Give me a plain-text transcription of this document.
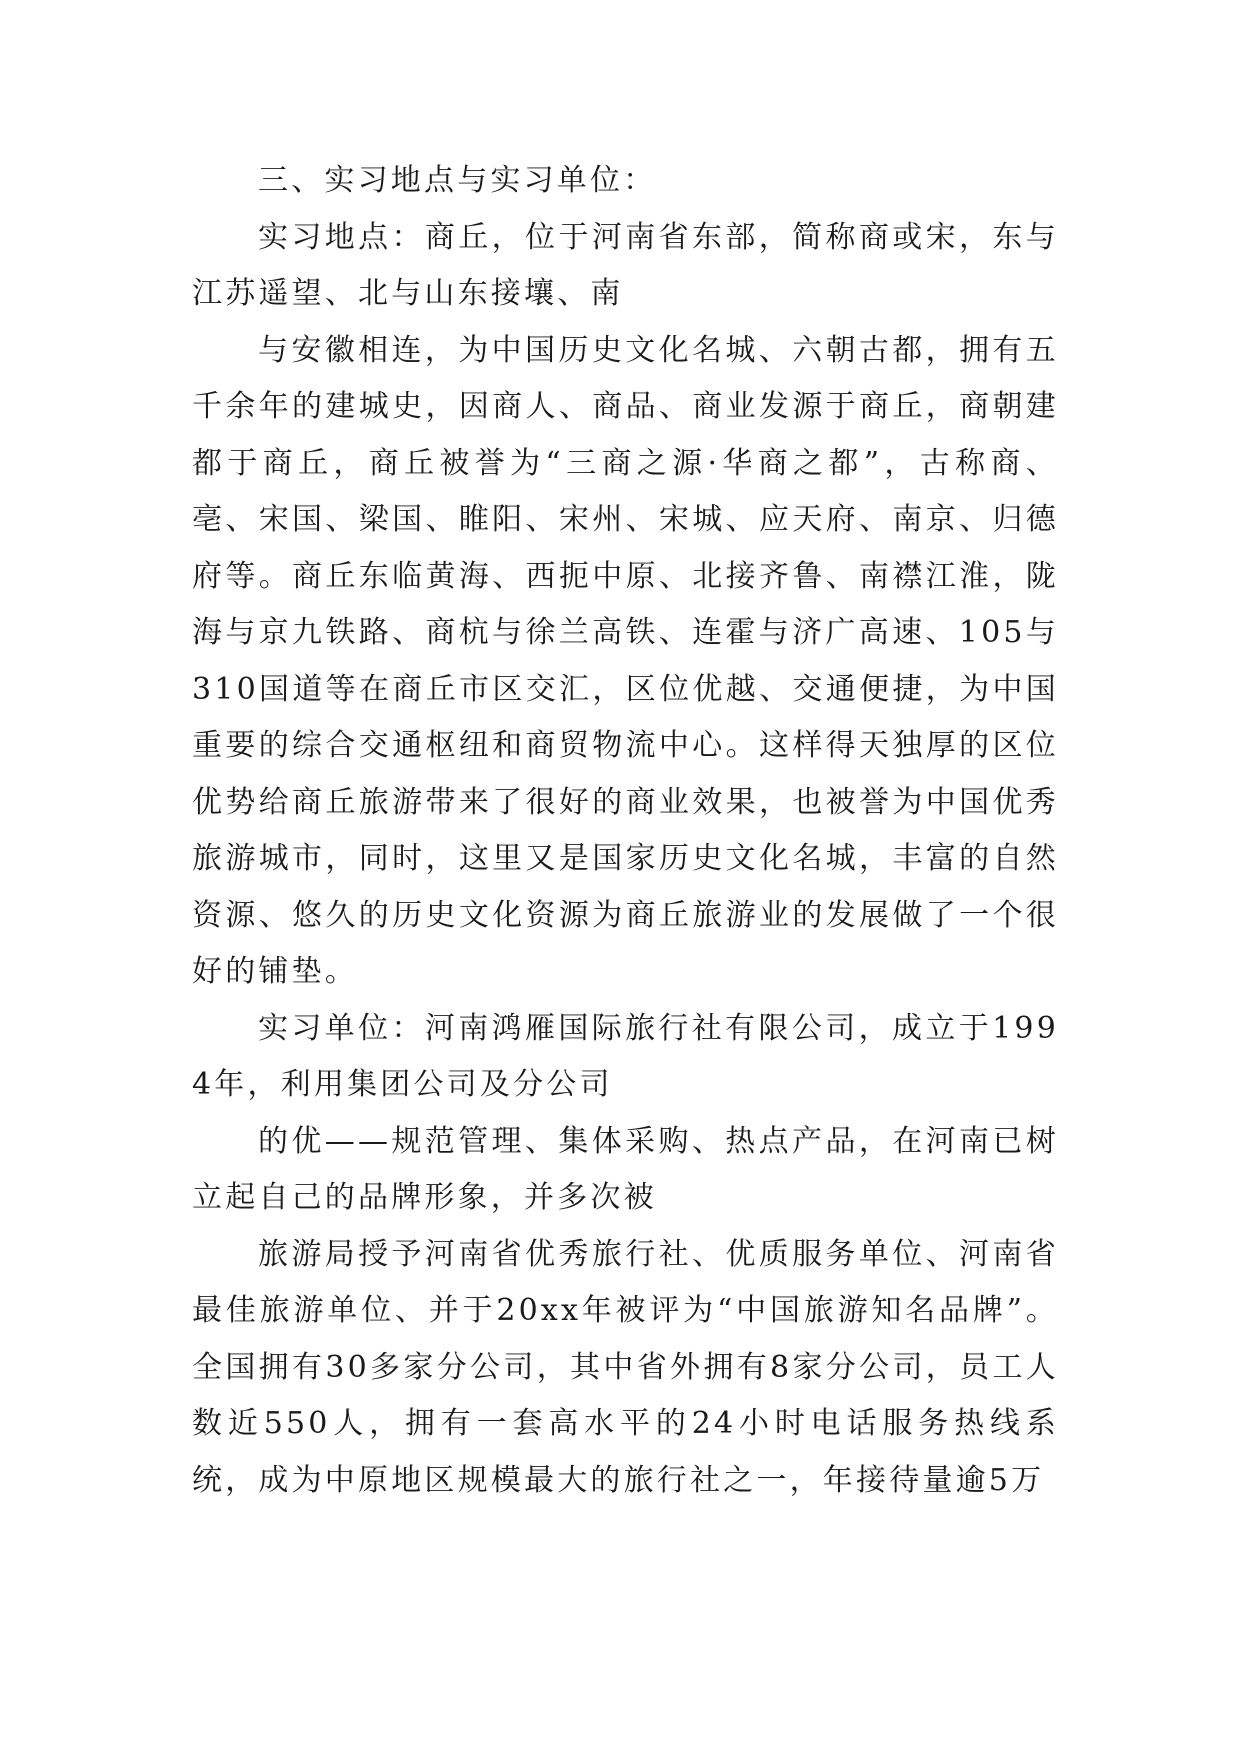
三、实习地点与实习单位：

实习地点：商丘，位于河南省东部，简称商或宋，东与江苏遥望、北与山东接壤、南

与安徽相连，为中国历史文化名城、六朝古都，拥有五千余年的建城史，因商人、商品、商业发源于商丘，商朝建都于商丘，商丘被誉为“三商之源·华商之都”，古称商、亳、宋国、梁国、睢阳、宋州、宋城、应天府、南京、归德府等。商丘东临黄海、西扼中原、北接齐鲁、南襟江淮，陇海与京九铁路、商杭与徐兰高铁、连霍与济广高速、105与310国道等在商丘市区交汇，区位优越、交通便捷，为中国重要的综合交通枢纽和商贸物流中心。这样得天独厚的区位优势给商丘旅游带来了很好的商业效果，也被誉为中国优秀旅游城市，同时，这里又是国家历史文化名城，丰富的自然资源、悠久的历史文化资源为商丘旅游业的发展做了一个很好的铺垫。

实习单位：河南鸿雁国际旅行社有限公司，成立于1994年，利用集团公司及分公司

的优——规范管理、集体采购、热点产品，在河南已树立起自己的品牌形象，并多次被

旅游局授予河南省优秀旅行社、优质服务单位、河南省最佳旅游单位、并于20xx年被评为“中国旅游知名品牌”。全国拥有30多家分公司，其中省外拥有8家分公司，员工人数近550人，拥有一套高水平的24小时电话服务热线系统，成为中原地区规模最大的旅行社之一，年接待量逾5万
